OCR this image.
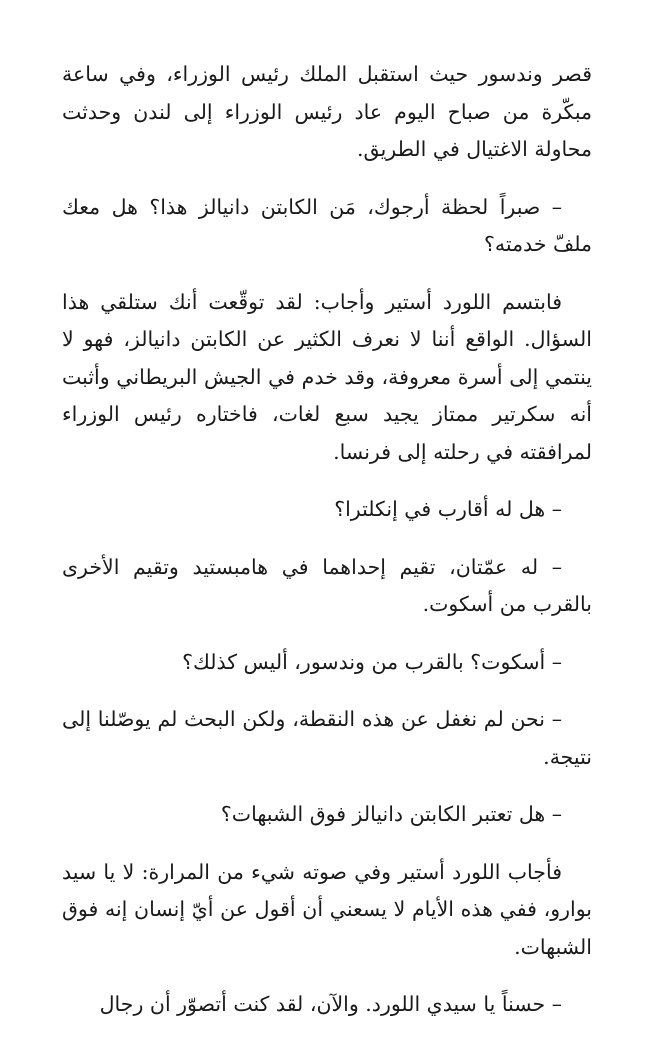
قصر وندسور حيث استقبل الملك رئيس الوزراء، وفي ساعة مبكّرة من صباح اليوم عاد رئيس الوزراء إلى لندن وحدثت محاولة الاغتيال في الطريق.

– صبراً لحظة أرجوك، مَن الكابتن دانيالز هذا؟ هل معك ملفّ خدمته؟

فابتسم اللورد أستير وأجاب: لقد توقّعت أنك ستلقي هذا السؤال. الواقع أننا لا نعرف الكثير عن الكابتن دانيالز، فهو لا ينتمي إلى أسرة معروفة، وقد خدم في الجيش البريطاني وأثبت أنه سكرتير ممتاز يجيد سبع لغات، فاختاره رئيس الوزراء لمرافقته في رحلته إلى فرنسا.

– هل له أقارب في إنكلترا؟

– له عمّتان، تقيم إحداهما في هامبستيد وتقيم الأخرى بالقرب من أسكوت.

– أسكوت؟ بالقرب من وندسور، أليس كذلك؟

– نحن لم نغفل عن هذه النقطة، ولكن البحث لم يوصّلنا إلى نتيجة.

– هل تعتبر الكابتن دانيالز فوق الشبهات؟

فأجاب اللورد أستير وفي صوته شيء من المرارة: لا يا سيد بوارو، ففي هذه الأيام لا يسعني أن أقول عن أيّ إنسان إنه فوق الشبهات.

– حسناً يا سيدي اللورد. والآن، لقد كنت أتصوّر أن رجال
